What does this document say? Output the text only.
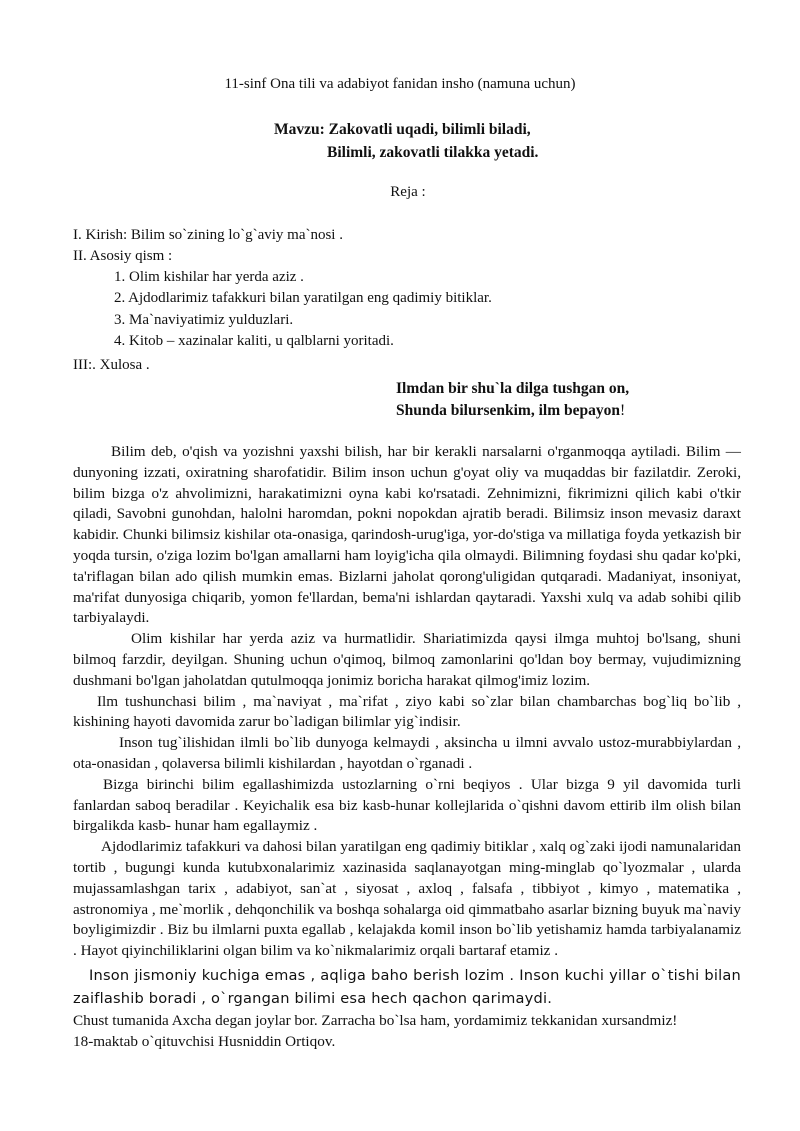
11-sinf Ona tili va adabiyot fanidan insho (namuna uchun)
Mavzu: Zakovatli uqadi, bilimli biladi,
Bilimli, zakovatli tilakka yetadi.
Reja :
I. Kirish: Bilim so`zining lo`g`aviy ma`nosi .
II. Asosiy qism :
1. Olim kishilar har yerda aziz .
2. Ajdodlarimiz tafakkuri bilan yaratilgan eng qadimiy bitiklar.
3. Ma`naviyatimiz yulduzlari.
4. Kitob – xazinalar kaliti, u qalblarni yoritadi.
III:. Xulosa .
Ilmdan bir shu`la dilga tushgan on,
Shunda bilursenkim, ilm bepayon!

Bilim deb, o'qish va yozishni yaxshi bilish, har bir kerakli narsalarni o'rganmoqqa aytiladi. Bilim — dunyoning izzati, oxiratning sharofatidir. Bilim inson uchun g'oyat oliy va muqaddas bir fazilatdir. Zeroki, bilim bizga o'z ahvolimizni, harakatimizni oyna kabi ko'rsatadi. Zehnimizni, fikrimizni qilich kabi o'tkir qiladi, Savobni gunohdan, halolni haromdan, pokni nopokdan ajratib beradi. Bilimsiz inson mevasiz daraxt kabidir. Chunki bilimsiz kishilar ota-onasiga, qarindosh-urug'iga, yor-do'stiga va millatiga foyda yetkazish bir yoqda tursin, o'ziga lozim bo'lgan amallarni ham loyig'icha qila olmaydi. Bilimning foydasi shu qadar ko'pki, ta'riflagan bilan ado qilish mumkin emas. Bizlarni jaholat qorong'uligidan qutqaradi. Madaniyat, insoniyat, ma'rifat dunyosiga chiqarib, yomon fe'llardan, bema'ni ishlardan qaytaradi. Yaxshi xulq va adab sohibi qilib tarbiyalaydi.

Olim kishilar har yerda aziz va hurmatlidir. Shariatimizda qaysi ilmga muhtoj bo'lsang, shuni bilmoq farzdir, deyilgan. Shuning uchun o'qimoq, bilmoq zamonlarini qo'ldan boy bermay, vujudimizning dushmani bo'lgan jaholatdan qutulmoqqa jonimiz boricha harakat qilmog'imiz lozim.

Ilm tushunchasi bilim , ma`naviyat , ma`rifat , ziyo kabi so`zlar bilan chambarchas bog`liq bo`lib , kishining hayoti davomida zarur bo`ladigan bilimlar yig`indisir.

Inson tug`ilishidan ilmli bo`lib dunyoga kelmaydi , aksincha u ilmni avvalo ustoz-murabbiylardan , ota-onasidan , qolaversa bilimli kishilardan , hayotdan o`rganadi .

Bizga birinchi bilim egallashimizda ustozlarning o`rni beqiyos . Ular bizga 9 yil davomida turli fanlardan saboq beradilar . Keyichalik esa biz kasb-hunar kollejlarida o`qishni davom ettirib ilm olish bilan birgalikda kasb- hunar ham egallaymiz .

Ajdodlarimiz tafakkuri va dahosi bilan yaratilgan eng qadimiy bitiklar , xalq og`zaki ijodi namunalaridan tortib , bugungi kunda kutubxonalarimiz xazinasida saqlanayotgan ming-minglab qo`lyozmalar , ularda mujassamlashgan tarix , adabiyot, san`at , siyosat , axloq , falsafa , tibbiyot , kimyo , matematika , astronomiya , me`morlik , dehqonchilik va boshqa sohalarga oid qimmatbaho asarlar bizning buyuk ma`naviy boyligimizdir . Biz bu ilmlarni puxta egallab , kelajakda komil inson bo`lib yetishamiz hamda tarbiyalanamiz . Hayot qiyinchiliklarini olgan bilim va ko`nikmalarimiz orqali bartaraf etamiz .

Inson jismoniy kuchiga emas , aqliga baho berish lozim . Inson kuchi yillar o`tishi bilan zaiflashib boradi , o`rgangan bilimi esa hech qachon qarimaydi.

Chust tumanida Axcha degan joylar bor. Zarracha bo`lsa ham, yordamimiz tekkanidan xursandmiz!

18-maktab o`qituvchisi Husniddin Ortiqov.
